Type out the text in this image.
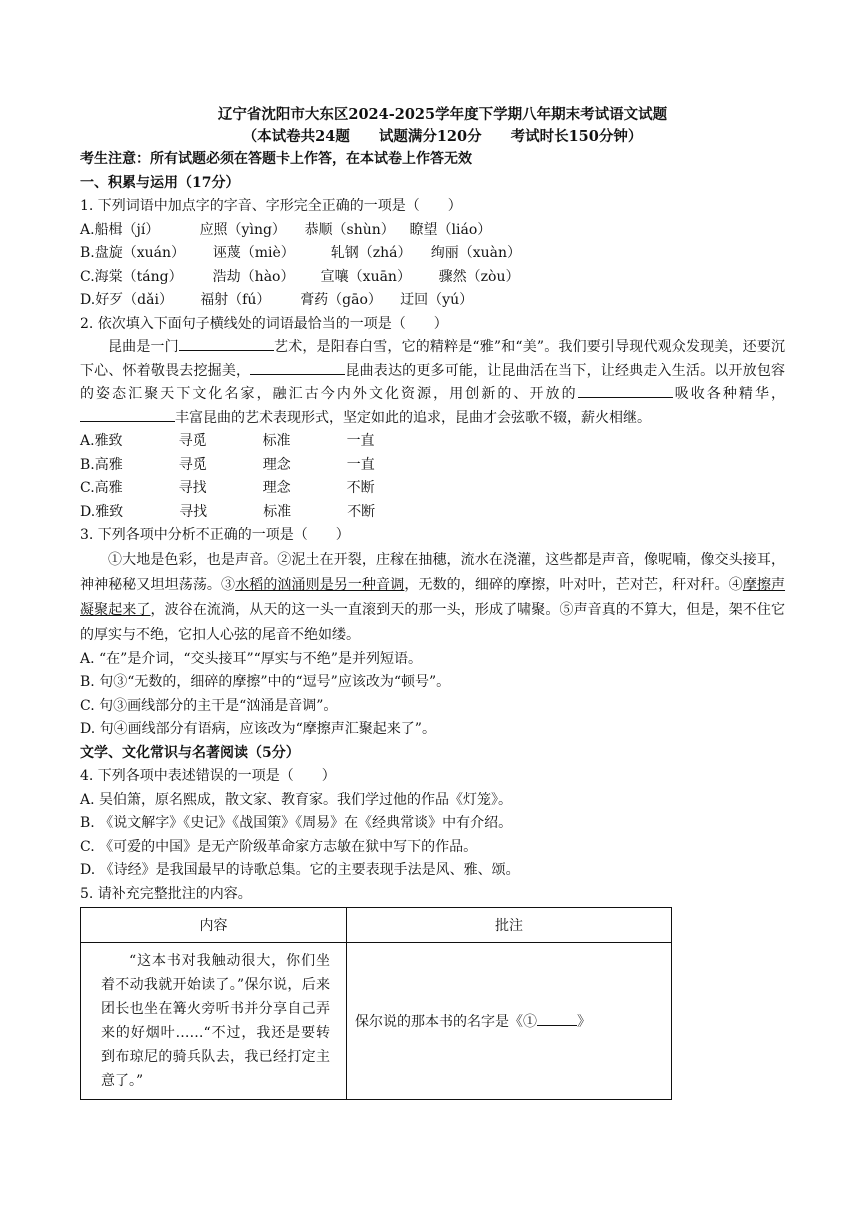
辽宁省沈阳市大东区2024-2025学年度下学期八年期末考试语文试题
（本试卷共24题　　试题满分120分　　考试时长150分钟）
考生注意：所有试题必须在答题卡上作答，在本试卷上作答无效
一、积累与运用（17分）
1. 下列词语中加点字的字音、字形完全正确的一项是（　　）
A. 船楫（jí）	应照（yìng）	恭顺（shùn）	瞭望（liáo）
B. 盘旋（xuán）	诬蔑（miè）	轧钢（zhá）	绚丽（xuàn）
C. 海棠（táng）	浩劫（hào）	宣嚷（xuān）	骤然（zòu）
D. 好歹（dǎi）	福射（fú）	膏药（gāo）	迂回（yú）
2. 依次填入下面句子横线处的词语最恰当的一项是（　　）
昆曲是一门	艺术，是阳春白雪，它的精粹是“雅”和“美”。我们要引导现代观众发现美，还要沉下心、怀着敬畏去挖掘美，	昆曲表达的更多可能，让昆曲活在当下，让经典走入生活。以开放包容的姿态汇聚天下文化名家，融汇古今内外文化资源，用创新的、开放的	吸收各种精华，丰富昆曲的艺术表现形式，坚定如此的追求，昆曲才会弦歌不辍，薪火相继。
A. 雅致	寻觅	标准	一直
B. 高雅	寻觅	理念	一直
C. 高雅	寻找	理念	不断
D. 雅致	寻找	标准	不断
3. 下列各项中分析不正确的一项是（　　）
①大地是色彩，也是声音。②泥土在开裂，庄稼在抽穗，流水在浇灌，这些都是声音，像呢喃，像交头接耳，神神秘秘又坦坦荡荡。③水稻的汹涌则是另一种音调，无数的，细碎的摩擦，叶对叶，芒对芒，秆对秆。④摩擦声凝聚起来了，波谷在流淌，从天的这一头一直滚到天的那一头，形成了啸聚。⑤声音真的不算大，但是，架不住它的厚实与不绝，它扣人心弦的尾音不绝如缕。
A. “在”是介词，“交头接耳”“厚实与不绝”是并列短语。
B. 句③“无数的，细碎的摩擦”中的“逗号”应该改为“顿号”。
C. 句③画线部分的主干是“汹涌是音调”。
D. 句④画线部分有语病，应该改为“摩擦声汇聚起来了”。
文学、文化常识与名著阅读（5分）
4. 下列各项中表述错误的一项是（　　）
A. 吴伯箫，原名熙成，散文家、教育家。我们学过他的作品《灯笼》。
B. 《说文解字》《史记》《战国策》《周易》在《经典常谈》中有介绍。
C. 《可爱的中国》是无产阶级革命家方志敏在狱中写下的作品。
D. 《诗经》是我国最早的诗歌总集。它的主要表现手法是风、雅、颂。
5. 请补充完整批注的内容。
内容	批注
“这本书对我触动很大，你们坐着不动我就开始读了。”保尔说，后来团长也坐在篝火旁听书并分享自己弄来的好烟叶……“不过，我还是要转到布琼尼的骑兵队去，我已经打定主意了。”	保尔说的那本书的名字是《① 》
